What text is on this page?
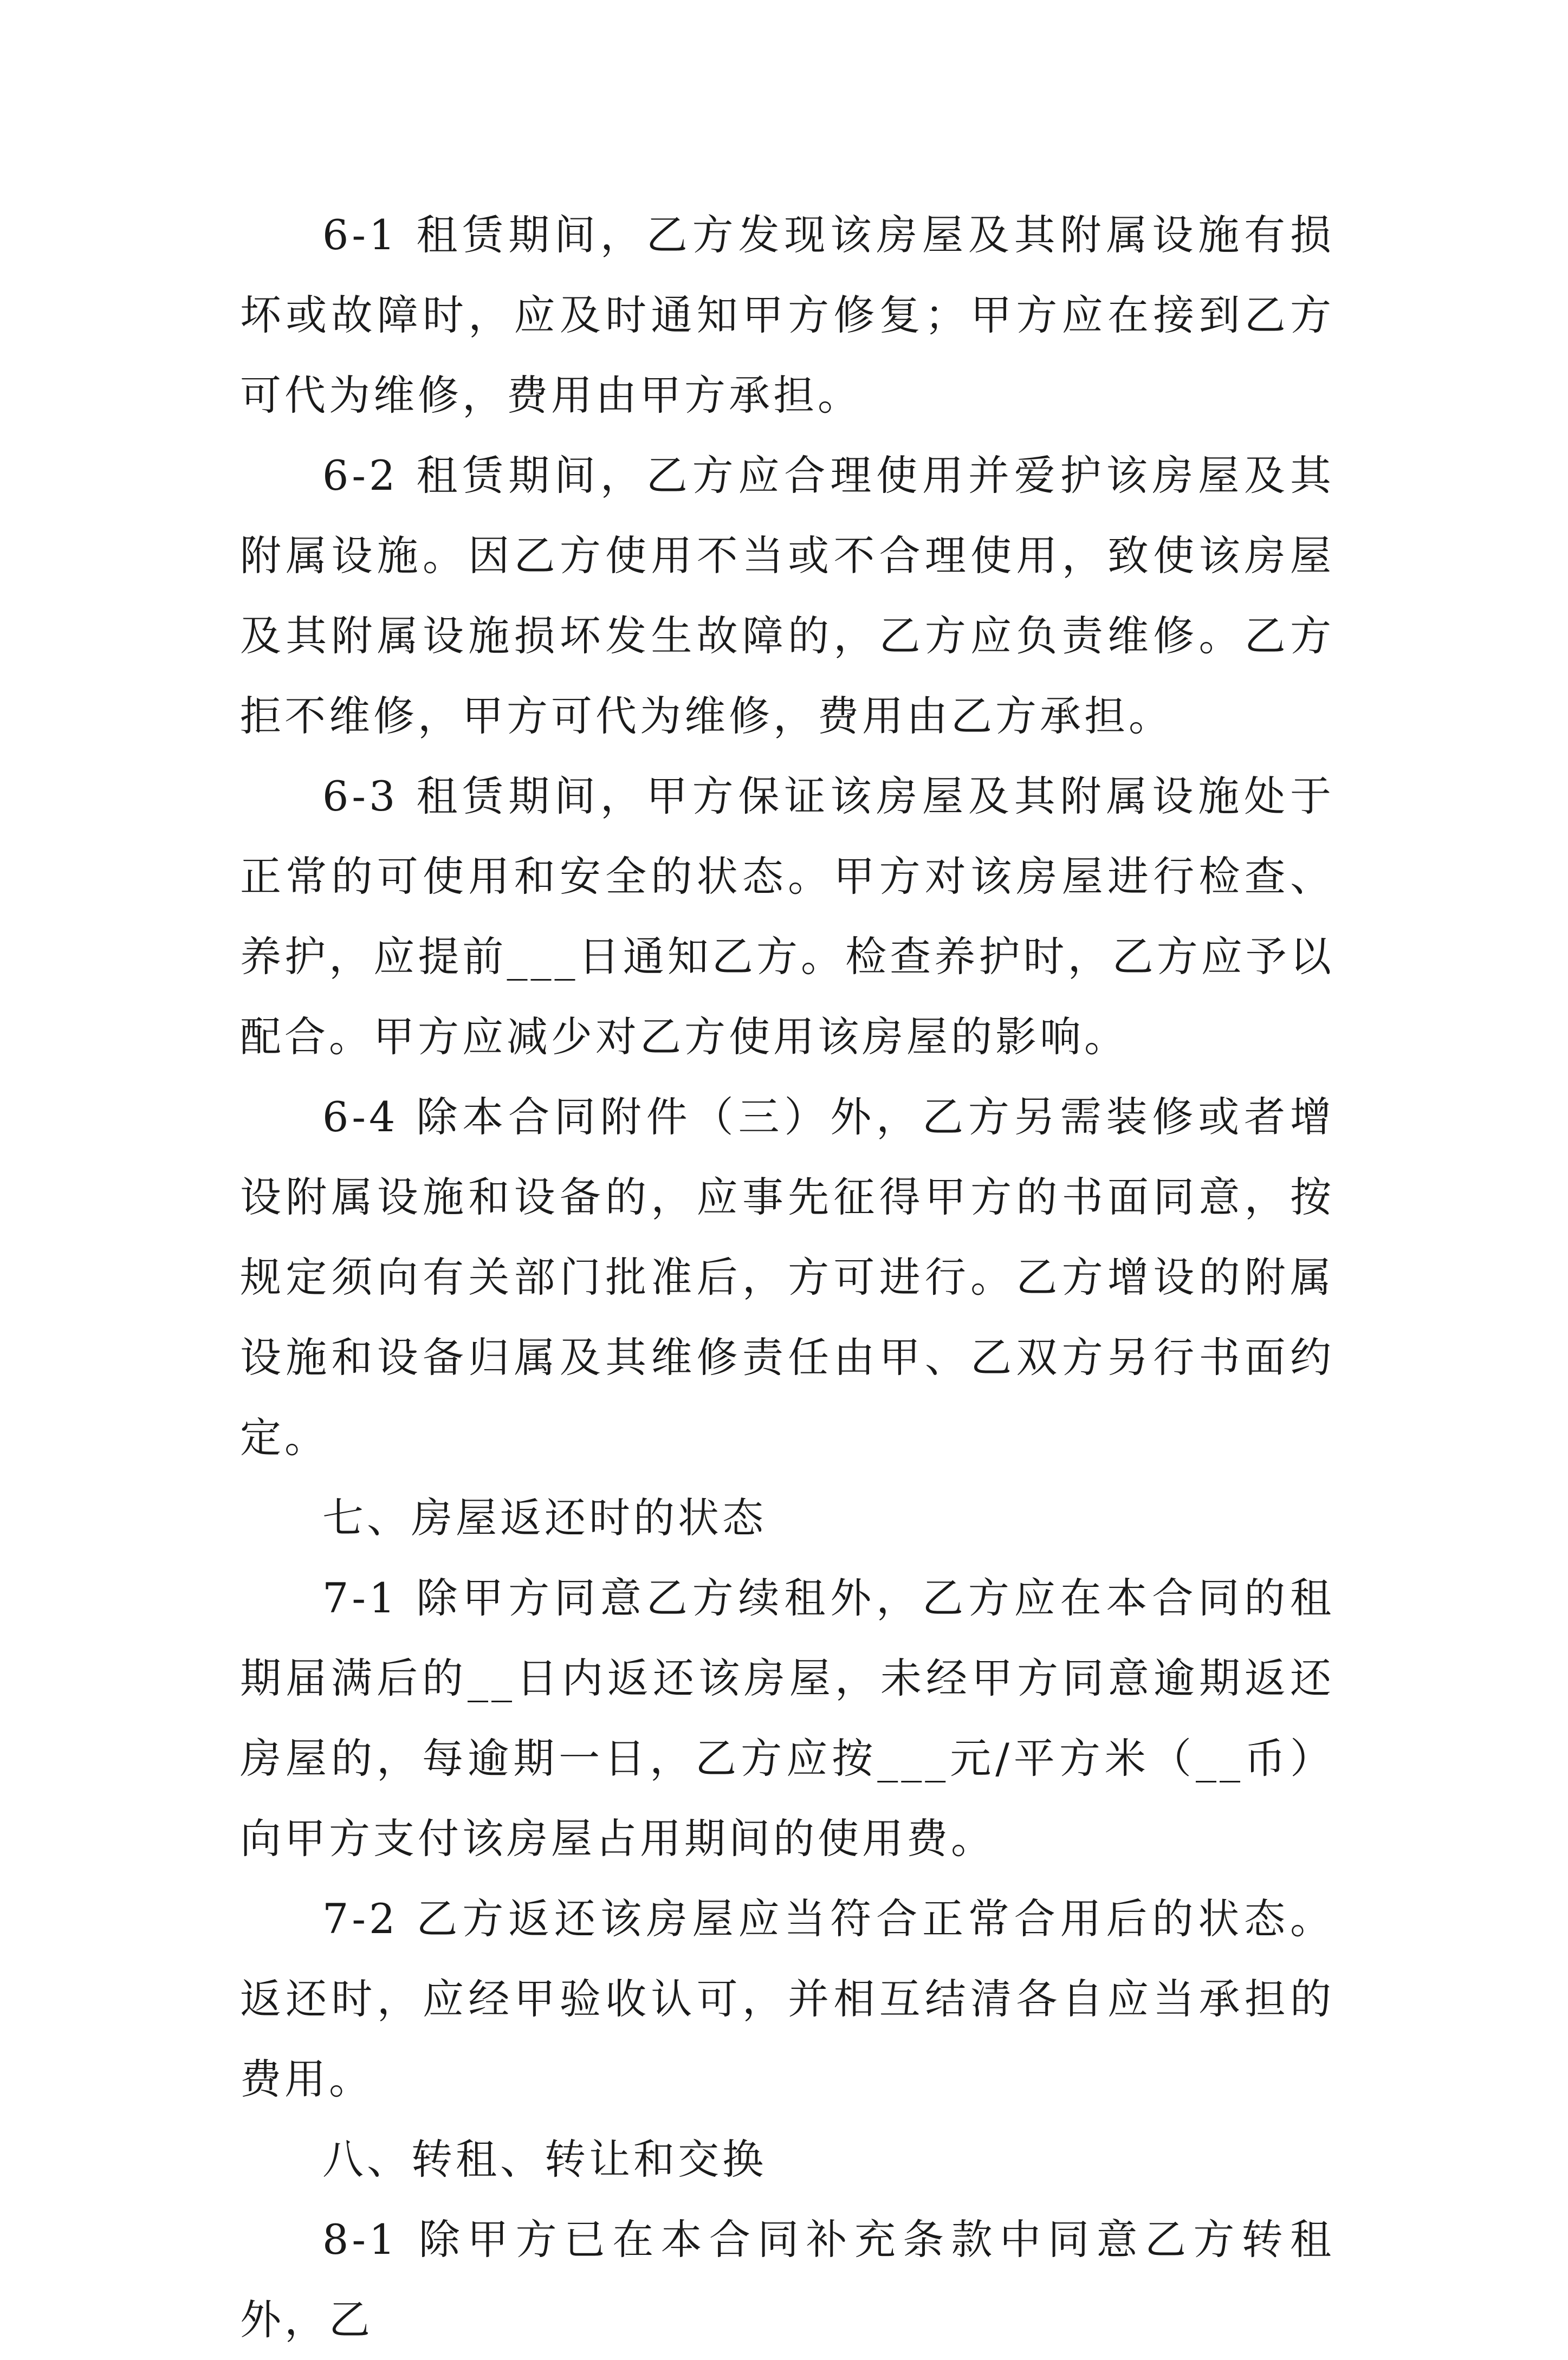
6-1 租赁期间，乙方发现该房屋及其附属设施有损坏或故障时，应及时通知甲方修复；甲方应在接到乙方可代为维修，费用由甲方承担。

6-2 租赁期间，乙方应合理使用并爱护该房屋及其附属设施。因乙方使用不当或不合理使用，致使该房屋及其附属设施损坏发生故障的，乙方应负责维修。乙方拒不维修，甲方可代为维修，费用由乙方承担。

6-3 租赁期间，甲方保证该房屋及其附属设施处于正常的可使用和安全的状态。甲方对该房屋进行检查、养护，应提前___日通知乙方。检查养护时，乙方应予以配合。甲方应减少对乙方使用该房屋的影响。

6-4 除本合同附件（三）外，乙方另需装修或者增设附属设施和设备的，应事先征得甲方的书面同意，按规定须向有关部门批准后，方可进行。乙方增设的附属设施和设备归属及其维修责任由甲、乙双方另行书面约定。

七、房屋返还时的状态

7-1 除甲方同意乙方续租外，乙方应在本合同的租期届满后的__日内返还该房屋，未经甲方同意逾期返还房屋的，每逾期一日，乙方应按___元/平方米（__币）向甲方支付该房屋占用期间的使用费。

7-2 乙方返还该房屋应当符合正常合用后的状态。返还时，应经甲验收认可，并相互结清各自应当承担的费用。

八、转租、转让和交换

8-1 除甲方已在本合同补充条款中同意乙方转租外，乙
